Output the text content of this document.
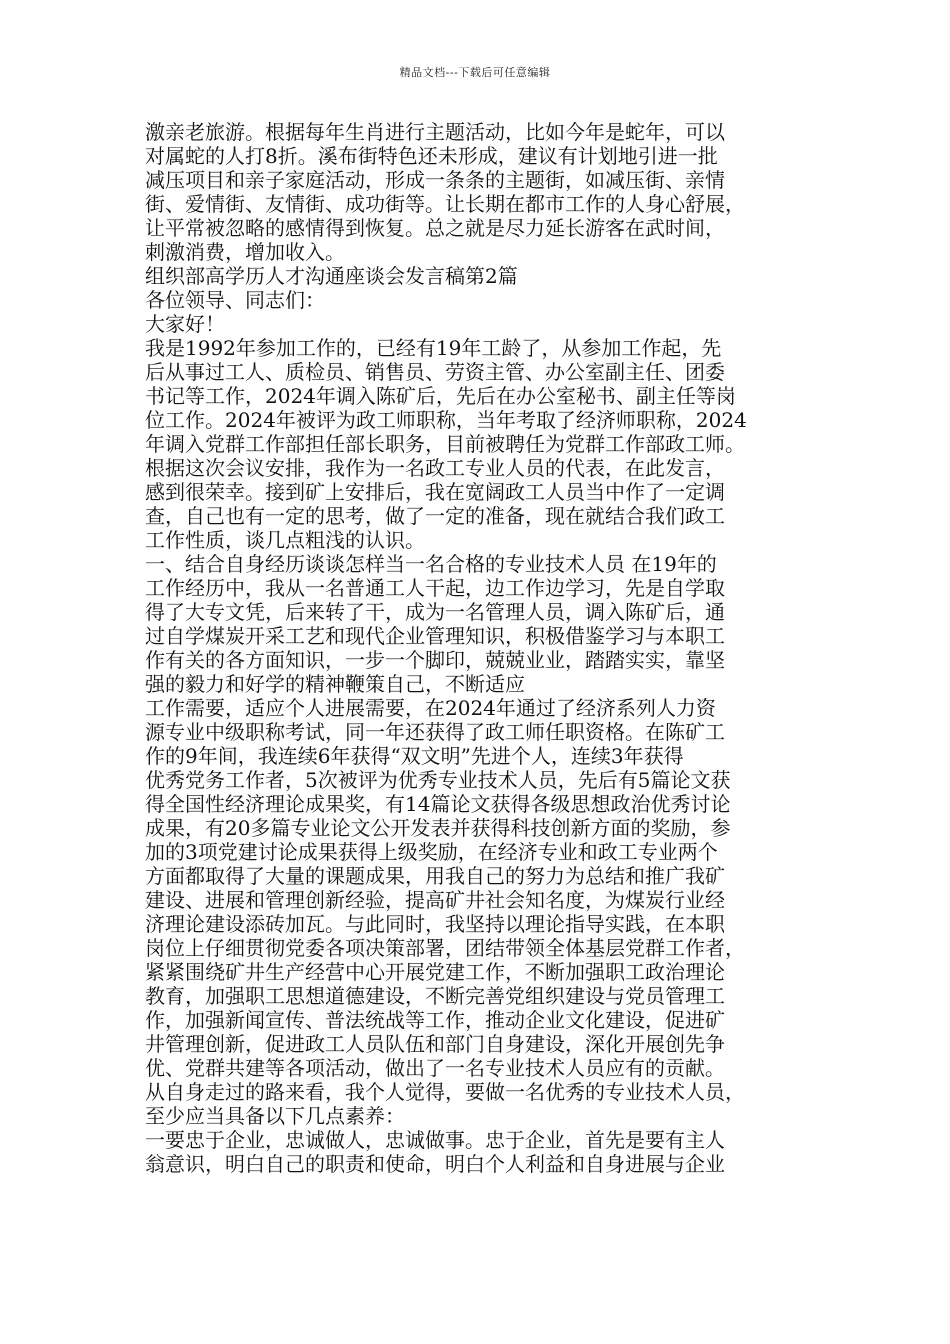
精品文档---下载后可任意编辑
激亲老旅游。根据每年生肖进行主题活动，比如今年是蛇年，可以
对属蛇的人打8折。溪布街特色还未形成，建议有计划地引进一批
减压项目和亲子家庭活动，形成一条条的主题街，如减压街、亲情
街、爱情街、友情街、成功街等。让长期在都市工作的人身心舒展，
让平常被忽略的感情得到恢复。总之就是尽力延长游客在武时间，
刺激消费，增加收入。
组织部高学历人才沟通座谈会发言稿第2篇
各位领导、同志们：
大家好！
我是1992年参加工作的，已经有19年工龄了，从参加工作起，先
后从事过工人、质检员、销售员、劳资主管、办公室副主任、团委
书记等工作，2024年调入陈矿后，先后在办公室秘书、副主任等岗
位工作。2024年被评为政工师职称，当年考取了经济师职称，2024
年调入党群工作部担任部长职务，目前被聘任为党群工作部政工师。
根据这次会议安排，我作为一名政工专业人员的代表，在此发言，
感到很荣幸。接到矿上安排后，我在宽阔政工人员当中作了一定调
查，自己也有一定的思考，做了一定的准备，现在就结合我们政工
工作性质，谈几点粗浅的认识。
一、结合自身经历谈谈怎样当一名合格的专业技术人员 在19年的
工作经历中，我从一名普通工人干起，边工作边学习，先是自学取
得了大专文凭，后来转了干，成为一名管理人员，调入陈矿后，通
过自学煤炭开采工艺和现代企业管理知识，积极借鉴学习与本职工
作有关的各方面知识，一步一个脚印，兢兢业业，踏踏实实，靠坚
强的毅力和好学的精神鞭策自己，不断适应
工作需要，适应个人进展需要，在2024年通过了经济系列人力资
源专业中级职称考试，同一年还获得了政工师任职资格。在陈矿工
作的9年间，我连续6年获得“双文明”先进个人，连续3年获得
优秀党务工作者，5次被评为优秀专业技术人员，先后有5篇论文获
得全国性经济理论成果奖，有14篇论文获得各级思想政治优秀讨论
成果，有20多篇专业论文公开发表并获得科技创新方面的奖励，参
加的3项党建讨论成果获得上级奖励，在经济专业和政工专业两个
方面都取得了大量的课题成果，用我自己的努力为总结和推广我矿
建设、进展和管理创新经验，提高矿井社会知名度，为煤炭行业经
济理论建设添砖加瓦。与此同时，我坚持以理论指导实践，在本职
岗位上仔细贯彻党委各项决策部署，团结带领全体基层党群工作者，
紧紧围绕矿井生产经营中心开展党建工作，不断加强职工政治理论
教育，加强职工思想道德建设，不断完善党组织建设与党员管理工
作，加强新闻宣传、普法统战等工作，推动企业文化建设，促进矿
井管理创新，促进政工人员队伍和部门自身建设，深化开展创先争
优、党群共建等各项活动，做出了一名专业技术人员应有的贡献。
从自身走过的路来看，我个人觉得，要做一名优秀的专业技术人员，
至少应当具备以下几点素养：
一要忠于企业，忠诚做人，忠诚做事。忠于企业，首先是要有主人
翁意识，明白自己的职责和使命，明白个人利益和自身进展与企业
